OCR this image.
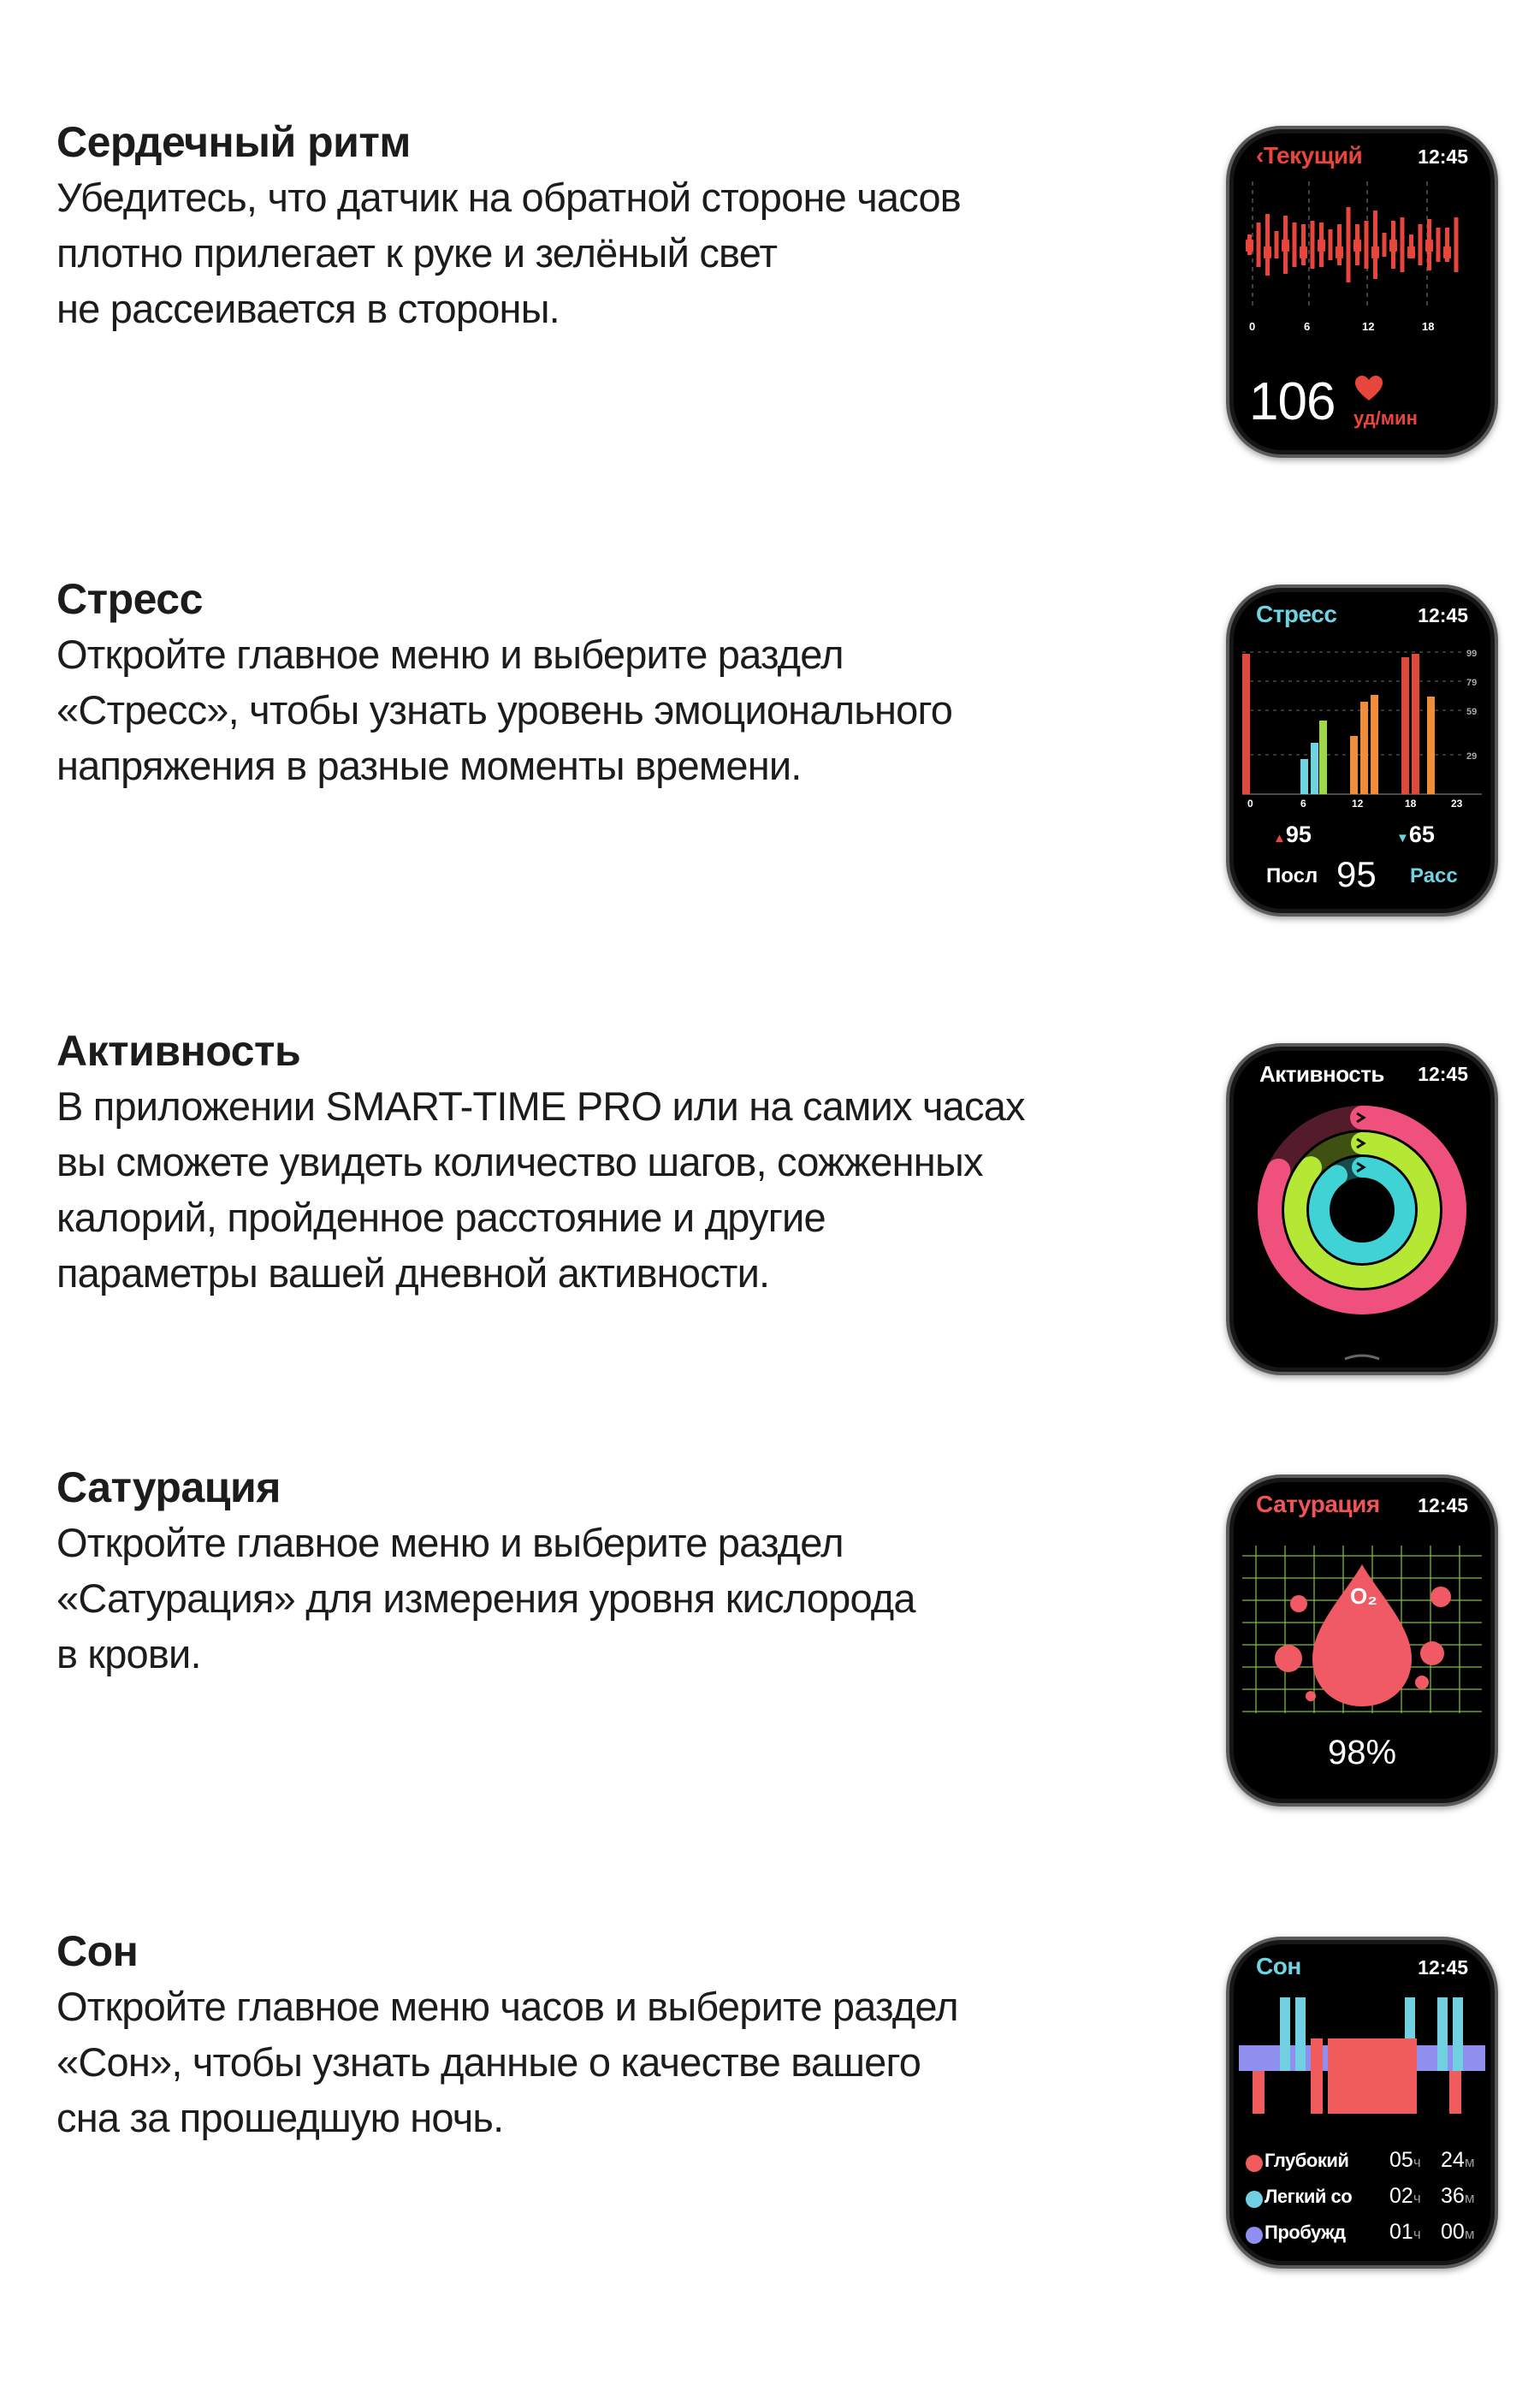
Сердечный ритм
Убедитесь, что датчик на обратной стороне часов
плотно прилегает к руке и зелёный свет
не рассеивается в стороны.
‹Текущий	12:45
0	6	12	18
106 уд/мин
Стресс
Откройте главное меню и выберите раздел
«Стресс», чтобы узнать уровень эмоционального
напряжения в разные моменты времени.
Стресс	12:45
99
79
59
29
0	6	12	18	23
▲95	▼65
Посл 95 Расс
Активность
В приложении SMART-TIME PRO или на самих часах
вы сможете увидеть количество шагов, сожженных
калорий, пройденное расстояние и другие
параметры вашей дневной активности.
Активность 12:45
Сатурация
Откройте главное меню и выберите раздел
«Сатурация» для измерения уровня кислорода
в крови.
Сатурация 12:45
O₂
98%
Сон
Откройте главное меню часов и выберите раздел
«Сон», чтобы узнать данные о качестве вашего
сна за прошедшую ночь.
Сон	12:45
Глубокий 05ч 24м
Легкий со 02ч 36м
Пробужд 01ч 00м
